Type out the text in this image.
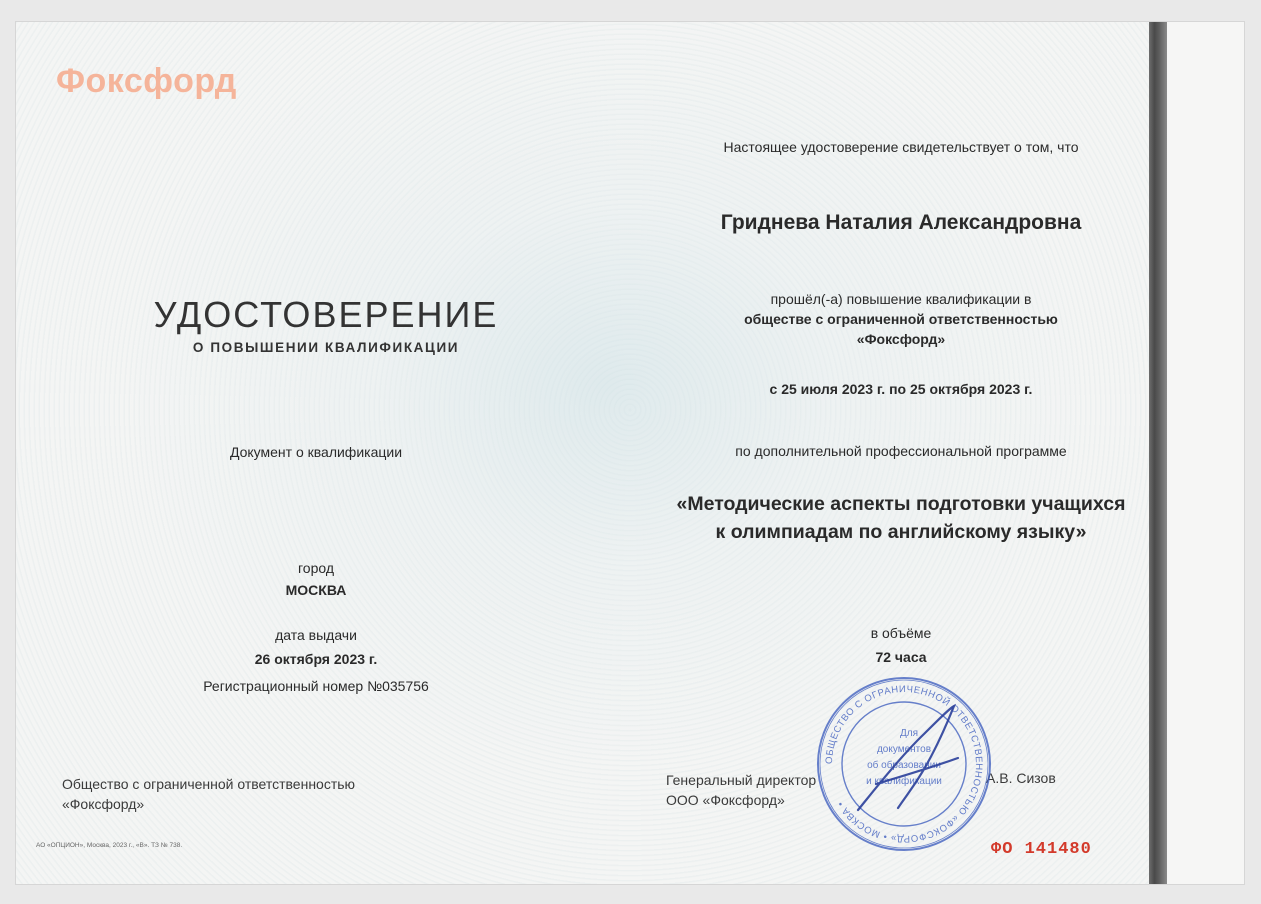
Фоксфорд
УДОСТОВЕРЕНИЕ
О ПОВЫШЕНИИ КВАЛИФИКАЦИИ
Документ о квалификации
город
МОСКВА
дата выдачи
26 октября 2023 г.
Регистрационный номер №035756
Общество с ограниченной ответственностью
«Фоксфорд»
АО «ОПЦИОН», Москва, 2023 г., «В». ТЗ № 738.
Настоящее удостоверение свидетельствует о том, что
Гриднева Наталия Александровна
прошёл(-а) повышение квалификации в
обществе с ограниченной ответственностью
«Фоксфорд»
с 25 июля 2023 г. по 25 октября 2023 г.
по дополнительной профессиональной программе
«Методические аспекты подготовки учащихся
к олимпиадам по английскому языку»
в объёме
72 часа
Генеральный директор
ООО «Фоксфорд»
А.В. Сизов
ОБЩЕСТВО С ОГРАНИЧЕННОЙ ОТВЕТСТВЕННОСТЬЮ «ФОКСФОРД» • МОСКВА •
Для
документов
об образовании
и квалификации
ФО 141480
